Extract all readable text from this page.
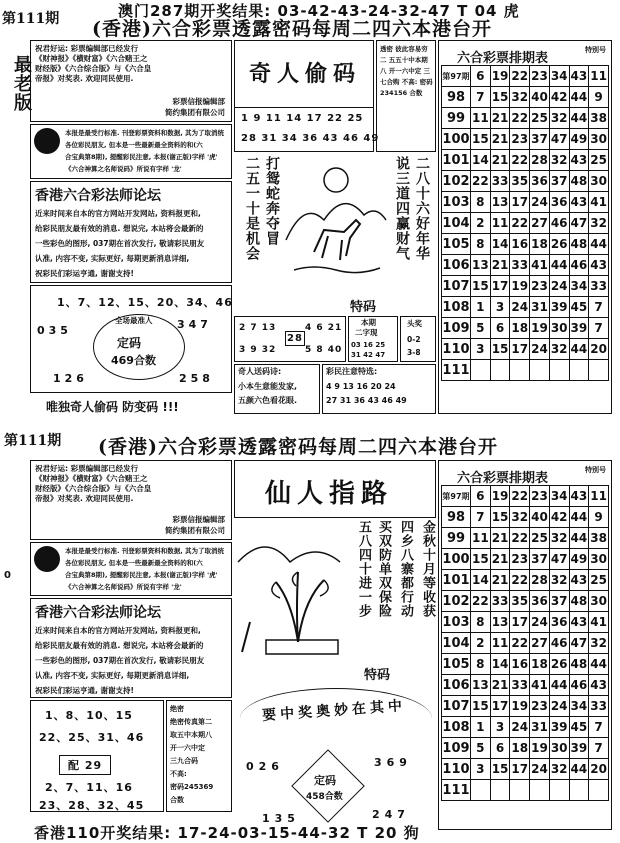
澳门287期开奖结果: 03-42-43-24-32-47 T 04 虎
第111期 (香港)六合彩票透露密码每周二四六本港台开
最老版
祝君好运: 彩票编辑部已经发行
《财神报》《横财富》《六合赌王之
财经版》《六合综合版》与《六合皇
帝报》对奖表. 欢迎同民使用.
彩票信报编辑部
简约集团有限公司
本报是最受行标准. 刊登彩票资料和数据, 其为了取消统
各位彩民朋友, 但本是一些最新最全资料的和(六
合宝典第8期), 提醒彩民注意, 本报(谢正版)字样 '虎'
《六合神算之名师说码》所说有字样 '龙'
香港六合彩法师论坛
近来时间来自本的官方网站开发网站, 资料报更和,
给彩民朋友最有效的消息. 想说完, 本站将会最新的
一些彩色的图形, 037期在首次发行, 敬请彩民朋友
认准, 内容不变, 实际更好, 每期更新消息详细,
祝彩民们彩运亨通, 谢谢支持!
1、7、12、15、20、34、46
全场最准人
定码
469合数
035	347
126	258
唯独奇人偷码 防变码 !!!
奇人偷码
1 9 11 14 17 22 25
28 31 34 36 43 46 49
透密 彼此容易穷二 五五十中本期八 开一六中定 三七合购 不高: 密码234156 合数
二五一十是机会 打鸳蛇奔夺冒	说三道四赢财气 二八十六好年华
特码
2 7 13
3 9 32
28
4 6 21
5 8 40
本期
二字现
03 16 25
31 42 47
头奖
0-2
3-8
奇人送码诗:
小本生意能发家,
五颜六色看花眼.
彩民注意特选:
4 9 13 16 20 24
27 31 36 43 46 49
六合彩票排期表
特别号
第97期	6	19	22	23	34	43	11
98	7	15	32	40	42	44	9
99	11	21	22	25	32	44	38
100	15	21	23	37	47	49	30
101	14	21	22	28	32	43	25
102	22	33	35	36	37	48	30
103	8	13	17	24	36	43	41
104	2	11	22	27	46	47	32
105	8	14	16	18	26	48	44
106	13	21	33	41	44	46	43
107	15	17	19	23	24	34	33
108	1	3	24	31	39	45	7
109	5	6	18	19	30	39	7
110	3	15	17	24	32	44	20
111							
第111期 (香港)六合彩票透露密码每周二四六本港台开
0
祝君好运: 彩票编辑部已经发行
《财神报》《横财富》《六合赌王之
财经版》《六合综合版》与《六合皇
帝报》对奖表. 欢迎同民使用.
彩票信报编辑部
简约集团有限公司
本报是最受行标准. 刊登彩票资料和数据, 其为了取消统
各位彩民朋友, 但本是一些最新最全资料的和(六
合宝典第8期), 提醒彩民注意, 本报(谢正版)字样 '虎'
《六合神算之名师说码》所说有字样 '龙'
香港六合彩法师论坛
近来时间来自本的官方网站开发网站, 资料报更和,
给彩民朋友最有效的消息. 想说完, 本站将会最新的
一些彩色的图形, 037期在首次发行, 敬请彩民朋友
认准, 内容不变, 实际更好, 每期更新消息详细,
祝彩民们彩运亨通, 谢谢支持!
1、8、10、15
22、25、31、46
配 29
2、7、11、16
23、28、32、45
绝密
绝密传真第二
取五中本期八
开一六中定
三九合码
不高:
密码245369
合数
仙人指路
五八四十进一步 买双防单双保险 四乡八寨都行动 金秋十月等收获
特码
要中奖奥妙在其中
026	369
定码
458合数
135	247
六合彩票排期表
特别号
第97期	6	19	22	23	34	43	11
98	7	15	32	40	42	44	9
99	11	21	22	25	32	44	38
100	15	21	23	37	47	49	30
101	14	21	22	28	32	43	25
102	22	33	35	36	37	48	30
103	8	13	17	24	36	43	41
104	2	11	22	27	46	47	32
105	8	14	16	18	26	48	44
106	13	21	33	41	44	46	43
107	15	17	19	23	24	34	33
108	1	3	24	31	39	45	7
109	5	6	18	19	30	39	7
110	3	15	17	24	32	44	20
111							
香港110开奖结果: 17-24-03-15-44-32 T 20 狗
